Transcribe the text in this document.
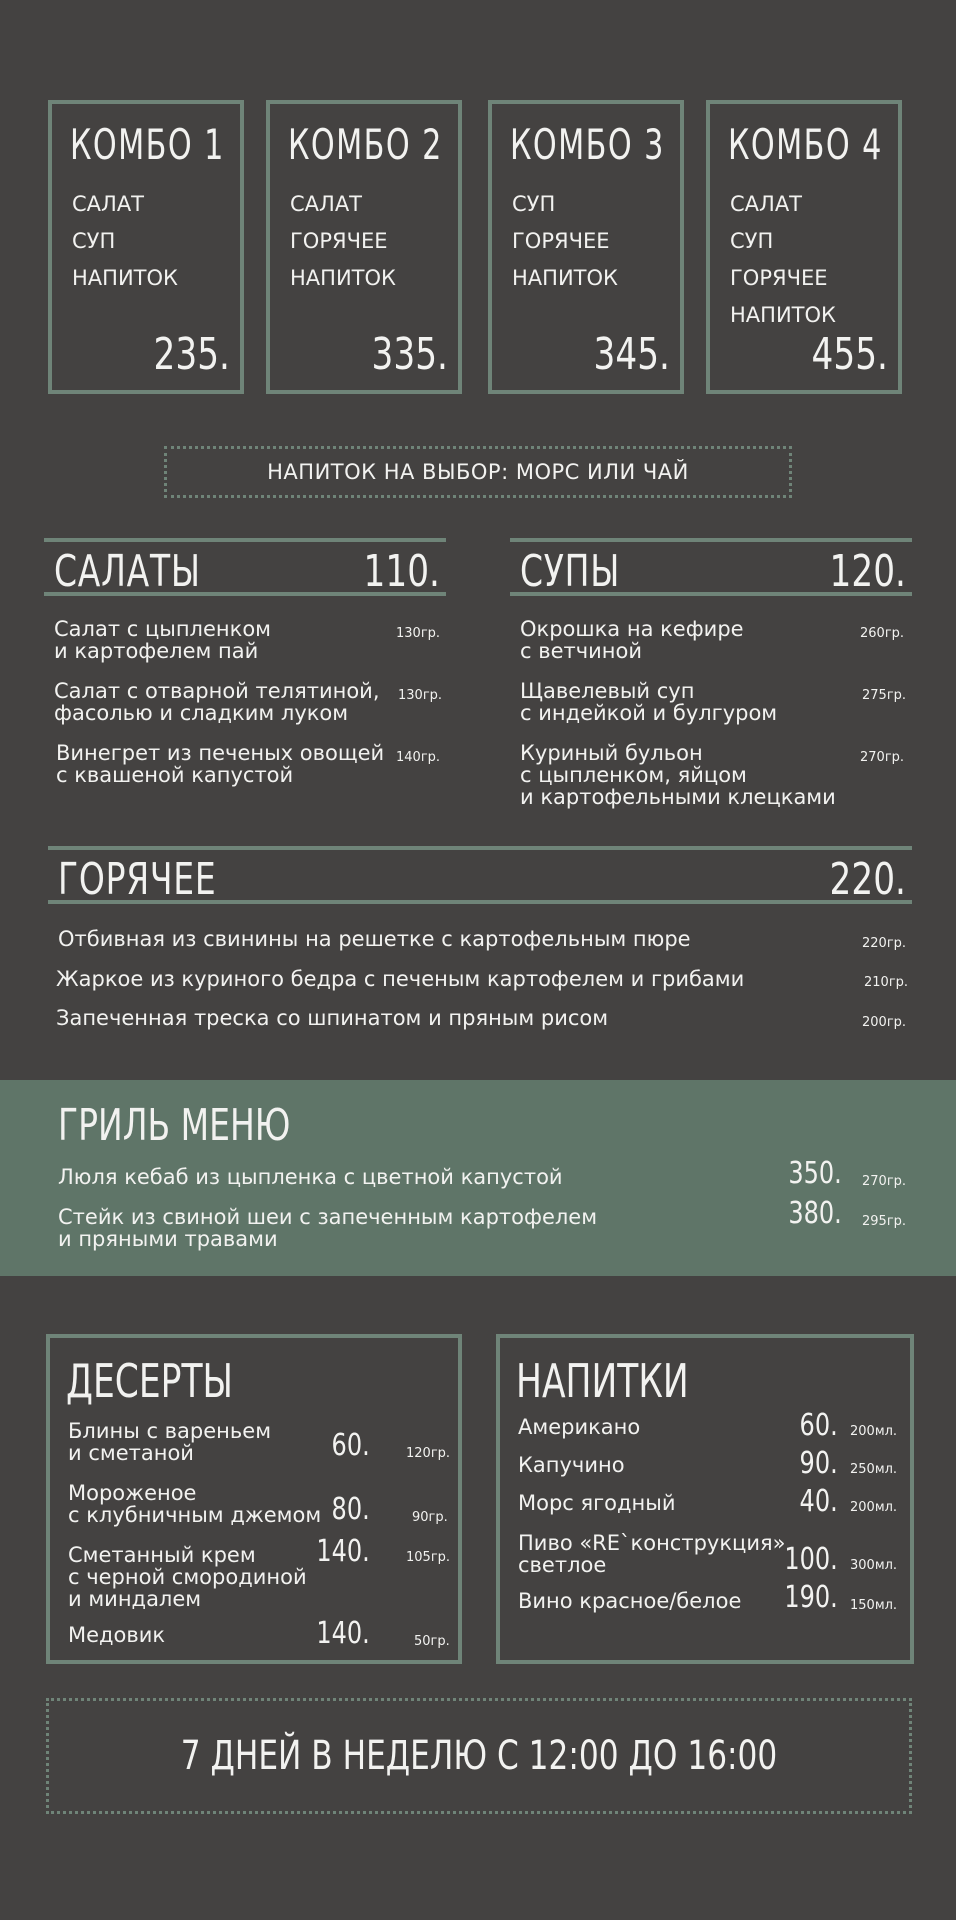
КОМБО 1
САЛАТ
СУП
НАПИТОК
235.
КОМБО 2
САЛАТ
ГОРЯЧЕЕ
НАПИТОК
335.
КОМБО 3
СУП
ГОРЯЧЕЕ
НАПИТОК
345.
КОМБО 4
САЛАТ
СУП
ГОРЯЧЕЕ
НАПИТОК
455.
НАПИТОК НА ВЫБОР: МОРС ИЛИ ЧАЙ
САЛАТЫ	110.
Салат с цыпленком
и картофелем пай
130гр.
Салат с отварной телятиной,
фасолью и сладким луком
130гр.
Винегрет из печеных овощей
с квашеной капустой
140гр.
СУПЫ	120.
Окрошка на кефире
с ветчиной
260гр.
Щавелевый суп
с индейкой и булгуром
275гр.
Куриный бульон
с цыпленком, яйцом
и картофельными клецками
270гр.
ГОРЯЧЕЕ	220.
Отбивная из свинины на решетке с картофельным пюре	220гр.
Жаркое из куриного бедра с печеным картофелем и грибами	210гр.
Запеченная треска со шпинатом и пряным рисом	200гр.
ГРИЛЬ МЕНЮ
Люля кебаб из цыпленка с цветной капустой	350. 270гр.
Стейк из свиной шеи с запеченным картофелем
и пряными травами
380. 295гр.
ДЕСЕРТЫ
Блины с вареньем
и сметаной	60.	120гр.
Мороженое
с клубничным джемом 80.	90гр.
Сметанный крем
с черной смородиной
и миндалем
140.	105гр.
Медовик	140.	50гр.
НАПИТКИ
Американо	60. 200мл.
Капучино	90. 250мл.
Морс ягодный	40. 200мл.
Пиво «RE`конструкция»
светлое	100. 300мл.
Вино красное/белое 190. 150мл.
7 ДНЕЙ В НЕДЕЛЮ С 12:00 ДО 16:00
